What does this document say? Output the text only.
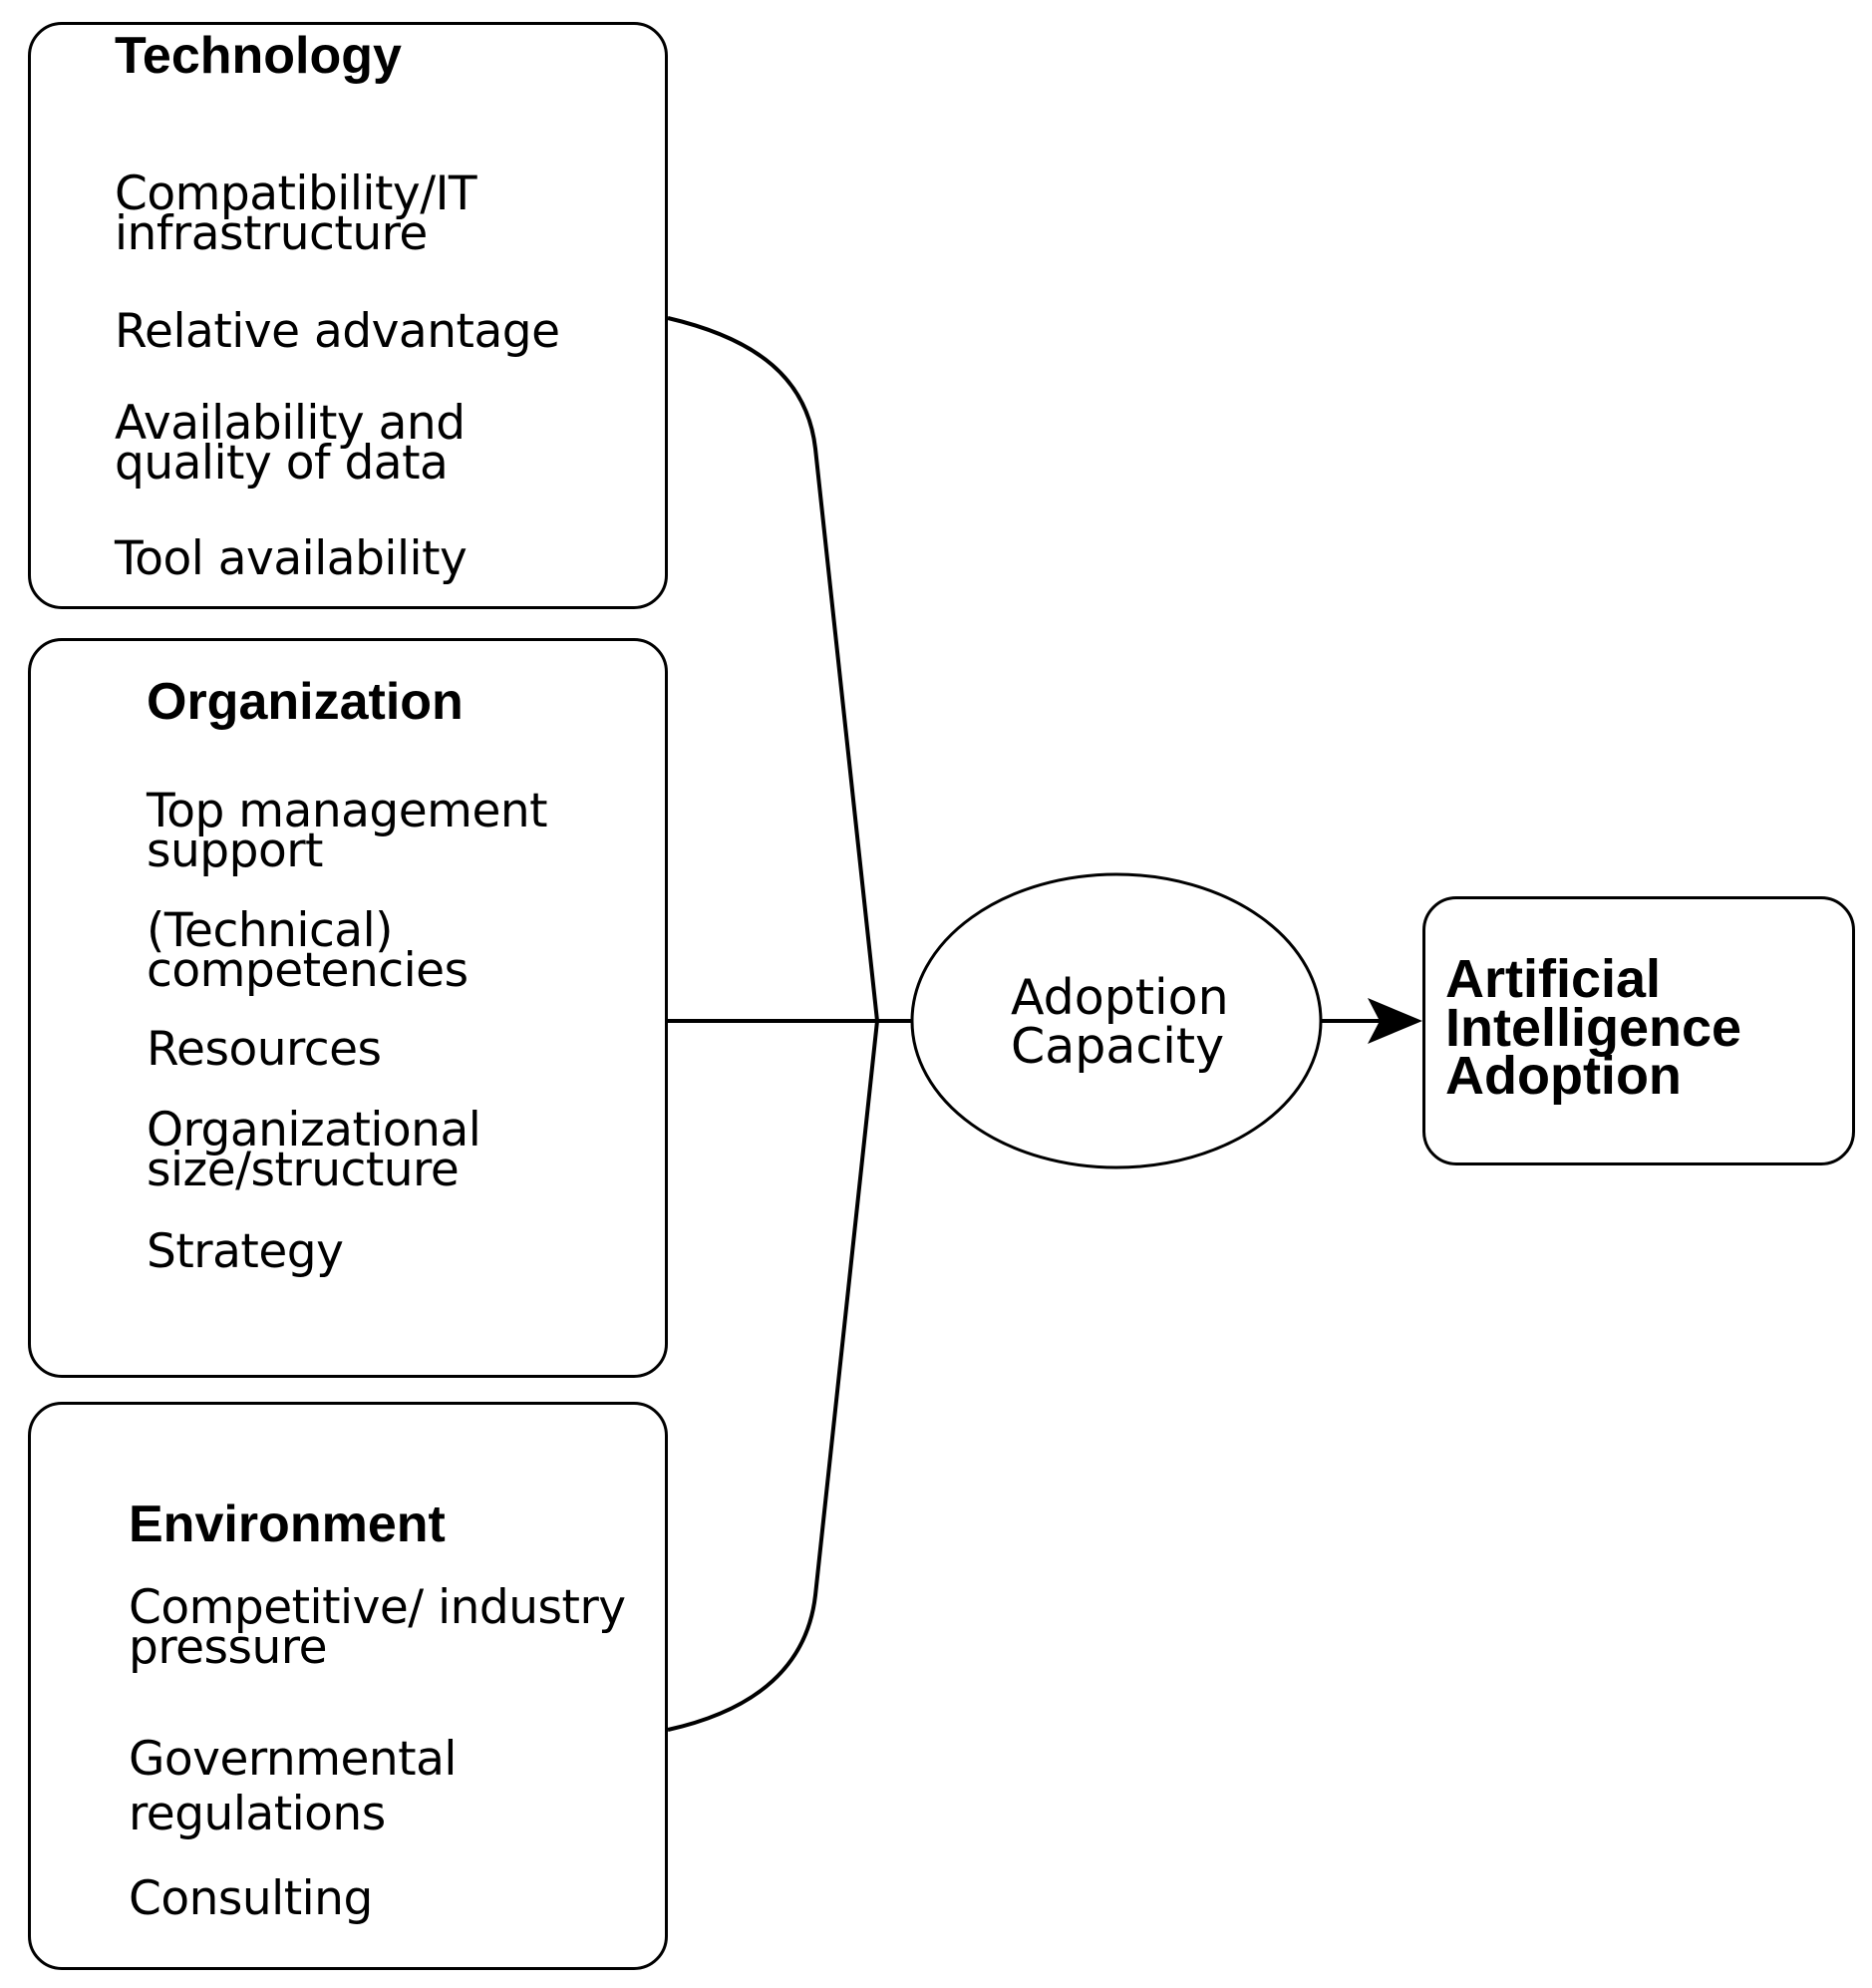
Technology
Compatibility/IT
infrastructure
Relative advantage
Availability and
quality of data
Tool availability
Organization
Top management
support
(Technical)
competencies
Resources
Organizational
size/structure
Strategy
Environment
Competitive/ industry
pressure
Governmental
regulations
Consulting
Adoption
Capacity
Artificial
Intelligence
Adoption
